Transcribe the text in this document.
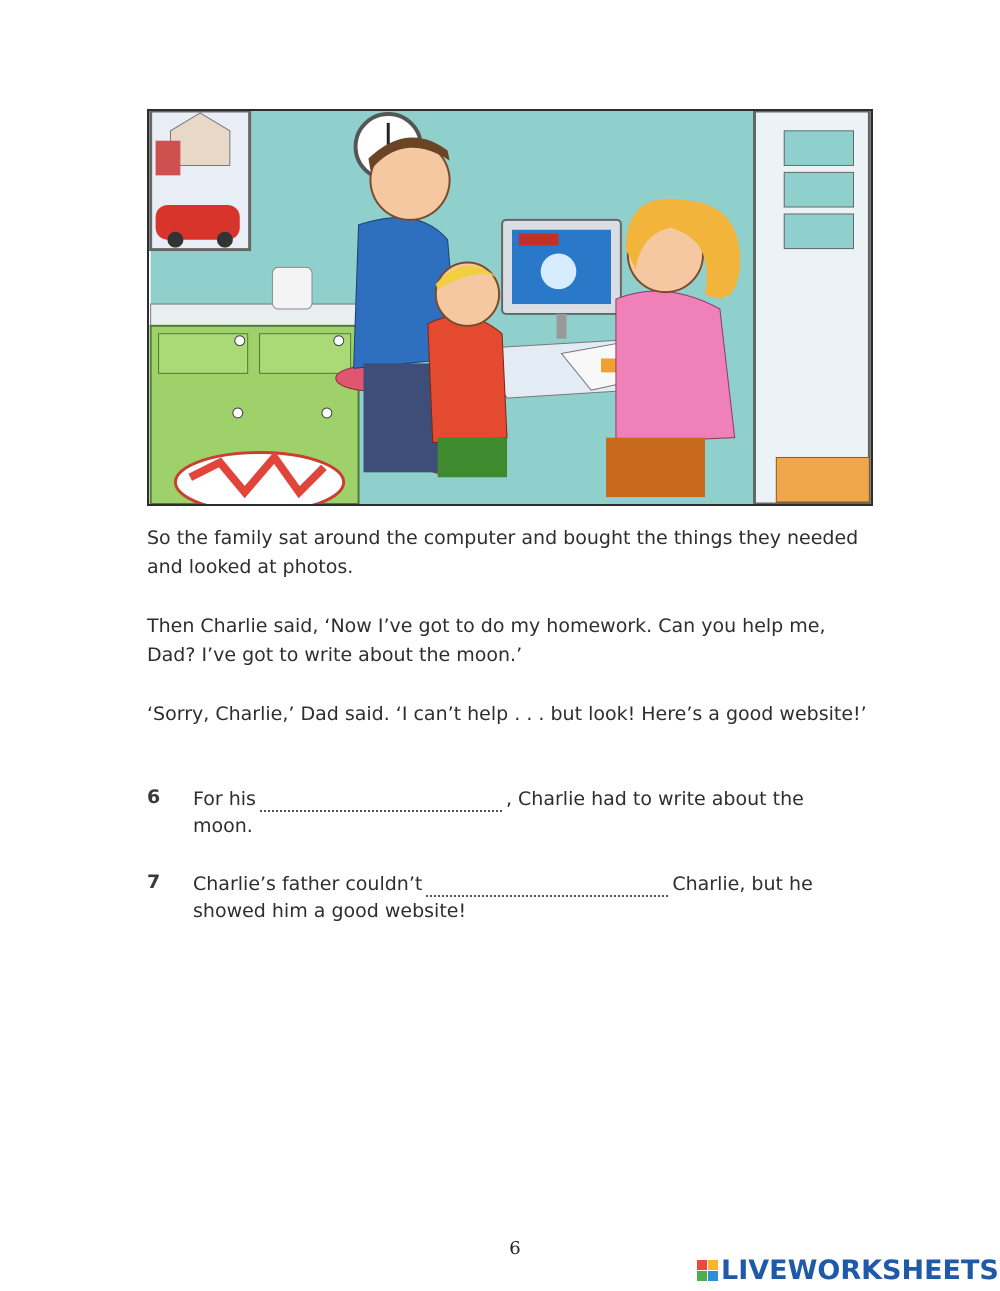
So the family sat around the computer and bought the things they needed and looked at photos.

Then Charlie said, ‘Now I’ve got to do my homework. Can you help me, Dad? I’ve got to write about the moon.’

‘Sorry, Charlie,’ Dad said. ‘I can’t help . . . but look! Here’s a good website!’

6 For his	, Charlie had to write about the moon.

7 Charlie’s father couldn’t	Charlie, but he showed him a good website!

6
LIVEWORKSHEETS
